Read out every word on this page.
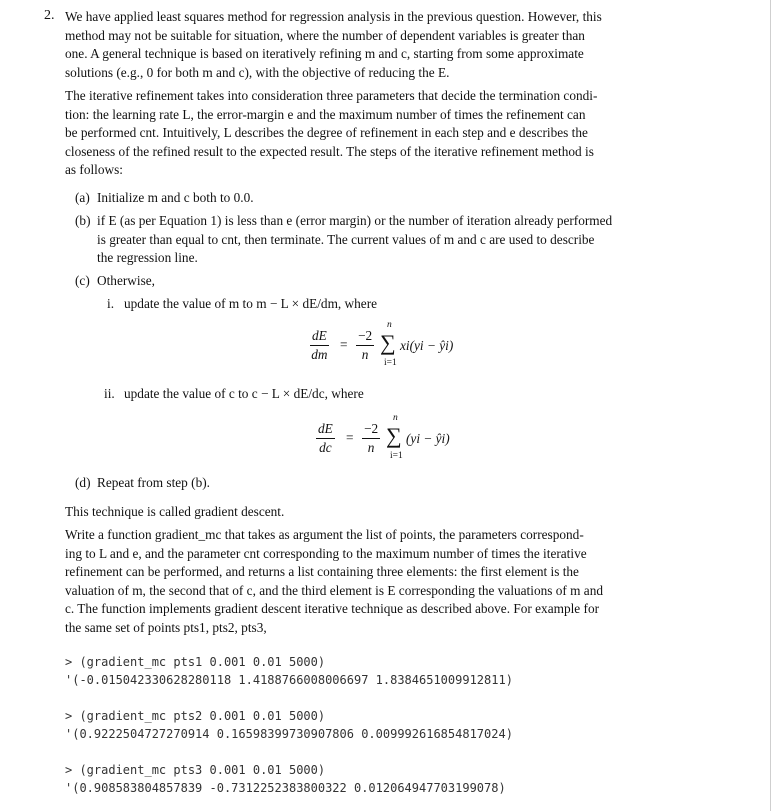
2. We have applied least squares method for regression analysis in the previous question. However, this

method may not be suitable for situation, where the number of dependent variables is greater than

one. A general technique is based on iteratively refining m and c, starting from some approximate

solutions (e.g., 0 for both m and c), with the objective of reducing the E.

The iterative refinement takes into consideration three parameters that decide the termination condi-

tion: the learning rate L, the error-margin e and the maximum number of times the refinement can

be performed cnt. Intuitively, L describes the degree of refinement in each step and e describes the

closeness of the refined result to the expected result. The steps of the iterative refinement method is

as follows:

(a) Initialize m and c both to 0.0.

(b) if E (as per Equation 1) is less than e (error margin) or the number of iteration already performed

is greater than equal to cnt, then terminate. The current values of m and c are used to describe

the regression line.

(c) Otherwise,

i. update the value of m to m − L × dE/dm, where

$\frac{dE}{dm} = \frac{-2}{n}$
n
∑
i=1
xi(yi − ŷi)
ii. update the value of c to c − L × dE/dc, where

$\frac{dE}{dc} = \frac{-2}{n}$
n
∑
i=1
(yi − ŷi)
(d) Repeat from step (b).

This technique is called gradient descent.

Write a function gradient_mc that takes as argument the list of points, the parameters correspond-

ing to L and e, and the parameter cnt corresponding to the maximum number of times the iterative

refinement can be performed, and returns a list containing three elements: the first element is the

valuation of m, the second that of c, and the third element is E corresponding the valuations of m and

c. The function implements gradient descent iterative technique as described above. For example for

the same set of points pts1, pts2, pts3,

> (gradient_mc pts1 0.001 0.01 5000)
'(-0.015042330628280118 1.4188766008006697 1.8384651009912811)
> (gradient_mc pts2 0.001 0.01 5000)
'(0.9222504727270914 0.16598399730907806 0.009992616854817024)
> (gradient_mc pts3 0.001 0.01 5000)
'(0.908583804857839 -0.7312252383800322 0.012064947703199078)
